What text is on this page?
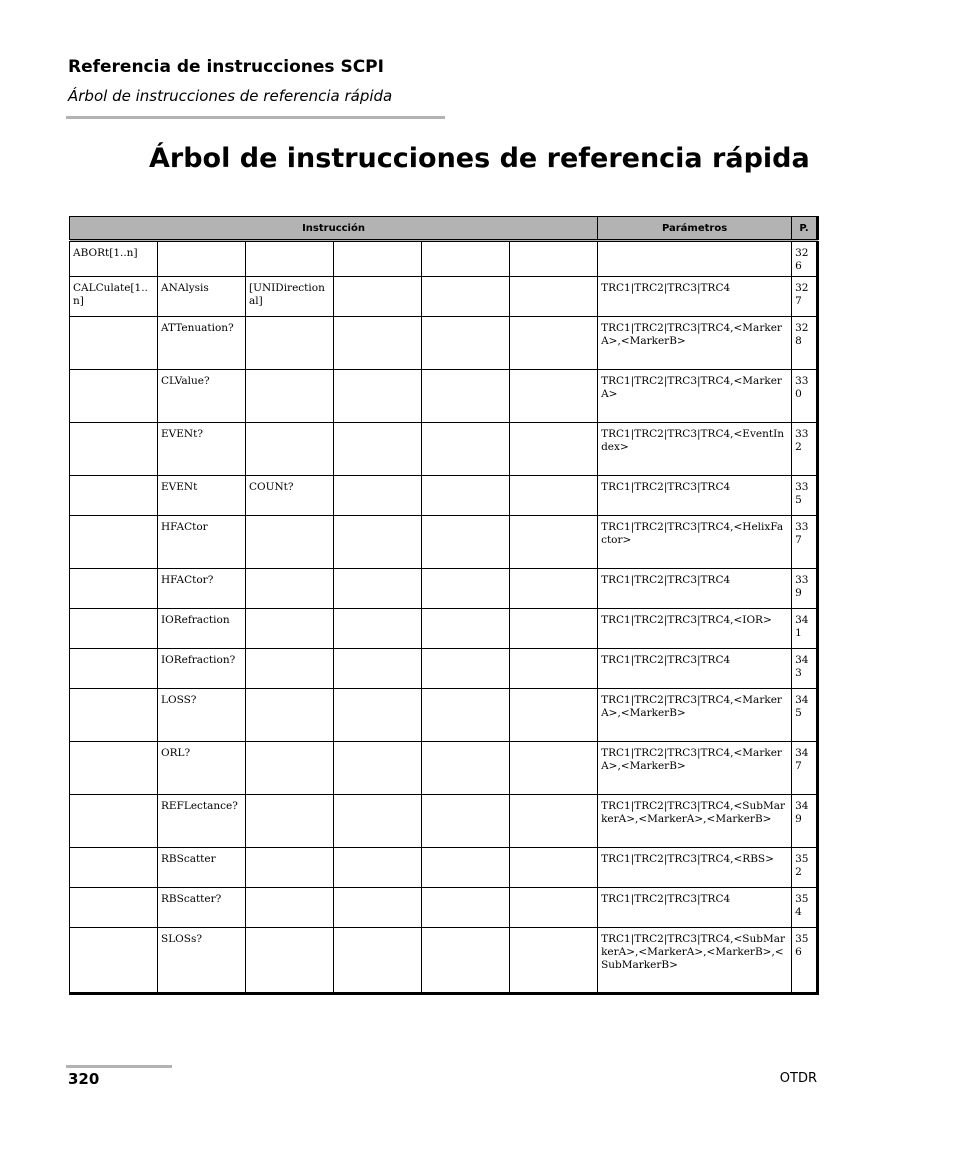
Referencia de instrucciones SCPI
Árbol de instrucciones de referencia rápida
Árbol de instrucciones de referencia rápida
Instrucción						Parámetros	P.
ABORt[1..n]							326
CALCulate[1..n]	ANAlysis	[UNIDirectional]				TRC1|TRC2|TRC3|TRC4	327
	ATTenuation?					TRC1|TRC2|TRC3|TRC4,<MarkerA>,<MarkerB>	328
	CLValue?					TRC1|TRC2|TRC3|TRC4,<MarkerA>	330
	EVENt?					TRC1|TRC2|TRC3|TRC4,<EventIndex>	332
	EVENt	COUNt?				TRC1|TRC2|TRC3|TRC4	335
	HFACtor					TRC1|TRC2|TRC3|TRC4,<HelixFactor>	337
	HFACtor?					TRC1|TRC2|TRC3|TRC4	339
	IORefraction					TRC1|TRC2|TRC3|TRC4,<IOR>	341
	IORefraction?					TRC1|TRC2|TRC3|TRC4	343
	LOSS?					TRC1|TRC2|TRC3|TRC4,<MarkerA>,<MarkerB>	345
	ORL?					TRC1|TRC2|TRC3|TRC4,<MarkerA>,<MarkerB>	347
	REFLectance?					TRC1|TRC2|TRC3|TRC4,<SubMarkerA>,<MarkerA>,<MarkerB>	349
	RBScatter					TRC1|TRC2|TRC3|TRC4,<RBS>	352
	RBScatter?					TRC1|TRC2|TRC3|TRC4	354
	SLOSs?					TRC1|TRC2|TRC3|TRC4,<SubMarkerA>,<MarkerA>,<MarkerB>,<SubMarkerB>	356
320	OTDR
